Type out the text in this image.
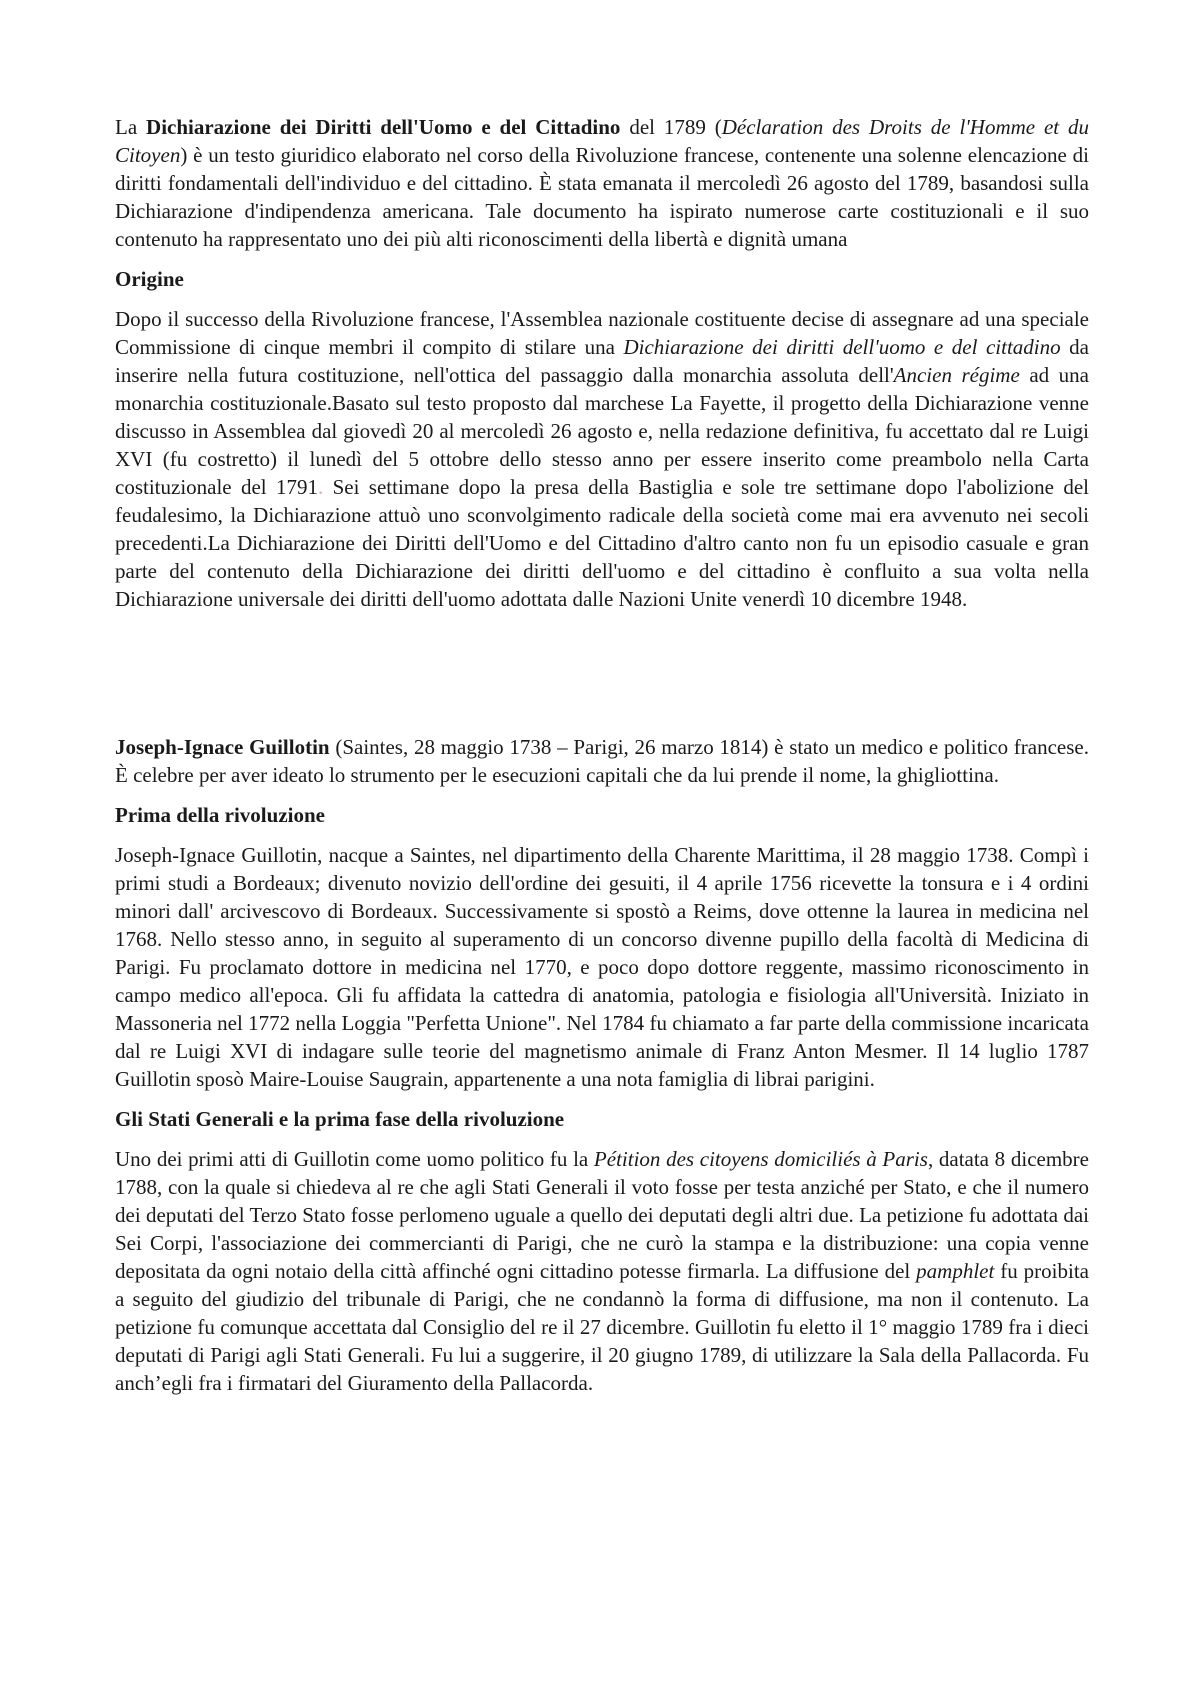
La Dichiarazione dei Diritti dell'Uomo e del Cittadino del 1789 (Déclaration des Droits de l'Homme et du Citoyen) è un testo giuridico elaborato nel corso della Rivoluzione francese, contenente una solenne elencazione di diritti fondamentali dell'individuo e del cittadino. È stata emanata il mercoledì 26 agosto del 1789, basandosi sulla Dichiarazione d'indipendenza americana. Tale documento ha ispirato numerose carte costituzionali e il suo contenuto ha rappresentato uno dei più alti riconoscimenti della libertà e dignità umana

Origine

Dopo il successo della Rivoluzione francese, l'Assemblea nazionale costituente decise di assegnare ad una speciale Commissione di cinque membri il compito di stilare una Dichiarazione dei diritti dell'uomo e del cittadino da inserire nella futura costituzione, nell'ottica del passaggio dalla monarchia assoluta dell'Ancien régime ad una monarchia costituzionale.Basato sul testo proposto dal marchese La Fayette, il progetto della Dichiarazione venne discusso in Assemblea dal giovedì 20 al mercoledì 26 agosto e, nella redazione definitiva, fu accettato dal re Luigi XVI (fu costretto) il lunedì del 5 ottobre dello stesso anno per essere inserito come preambolo nella Carta costituzionale del 1791. Sei settimane dopo la presa della Bastiglia e sole tre settimane dopo l'abolizione del feudalesimo, la Dichiarazione attuò uno sconvolgimento radicale della società come mai era avvenuto nei secoli precedenti.La Dichiarazione dei Diritti dell'Uomo e del Cittadino d'altro canto non fu un episodio casuale e gran parte del contenuto della Dichiarazione dei diritti dell'uomo e del cittadino è confluito a sua volta nella Dichiarazione universale dei diritti dell'uomo adottata dalle Nazioni Unite venerdì 10 dicembre 1948.

Joseph-Ignace Guillotin (Saintes, 28 maggio 1738 – Parigi, 26 marzo 1814) è stato un medico e politico francese. È celebre per aver ideato lo strumento per le esecuzioni capitali che da lui prende il nome, la ghigliottina.

Prima della rivoluzione

Joseph-Ignace Guillotin, nacque a Saintes, nel dipartimento della Charente Marittima, il 28 maggio 1738. Compì i primi studi a Bordeaux; divenuto novizio dell'ordine dei gesuiti, il 4 aprile 1756 ricevette la tonsura e i 4 ordini minori dall' arcivescovo di Bordeaux. Successivamente si spostò a Reims, dove ottenne la laurea in medicina nel 1768. Nello stesso anno, in seguito al superamento di un concorso divenne pupillo della facoltà di Medicina di Parigi. Fu proclamato dottore in medicina nel 1770, e poco dopo dottore reggente, massimo riconoscimento in campo medico all'epoca. Gli fu affidata la cattedra di anatomia, patologia e fisiologia all'Università. Iniziato in Massoneria nel 1772 nella Loggia "Perfetta Unione". Nel 1784 fu chiamato a far parte della commissione incaricata dal re Luigi XVI di indagare sulle teorie del magnetismo animale di Franz Anton Mesmer. Il 14 luglio 1787 Guillotin sposò Maire-Louise Saugrain, appartenente a una nota famiglia di librai parigini.

Gli Stati Generali e la prima fase della rivoluzione

Uno dei primi atti di Guillotin come uomo politico fu la Pétition des citoyens domiciliés à Paris, datata 8 dicembre 1788, con la quale si chiedeva al re che agli Stati Generali il voto fosse per testa anziché per Stato, e che il numero dei deputati del Terzo Stato fosse perlomeno uguale a quello dei deputati degli altri due. La petizione fu adottata dai Sei Corpi, l'associazione dei commercianti di Parigi, che ne curò la stampa e la distribuzione: una copia venne depositata da ogni notaio della città affinché ogni cittadino potesse firmarla. La diffusione del pamphlet fu proibita a seguito del giudizio del tribunale di Parigi, che ne condannò la forma di diffusione, ma non il contenuto. La petizione fu comunque accettata dal Consiglio del re il 27 dicembre. Guillotin fu eletto il 1° maggio 1789 fra i dieci deputati di Parigi agli Stati Generali. Fu lui a suggerire, il 20 giugno 1789, di utilizzare la Sala della Pallacorda. Fu anch’egli fra i firmatari del Giuramento della Pallacorda.
